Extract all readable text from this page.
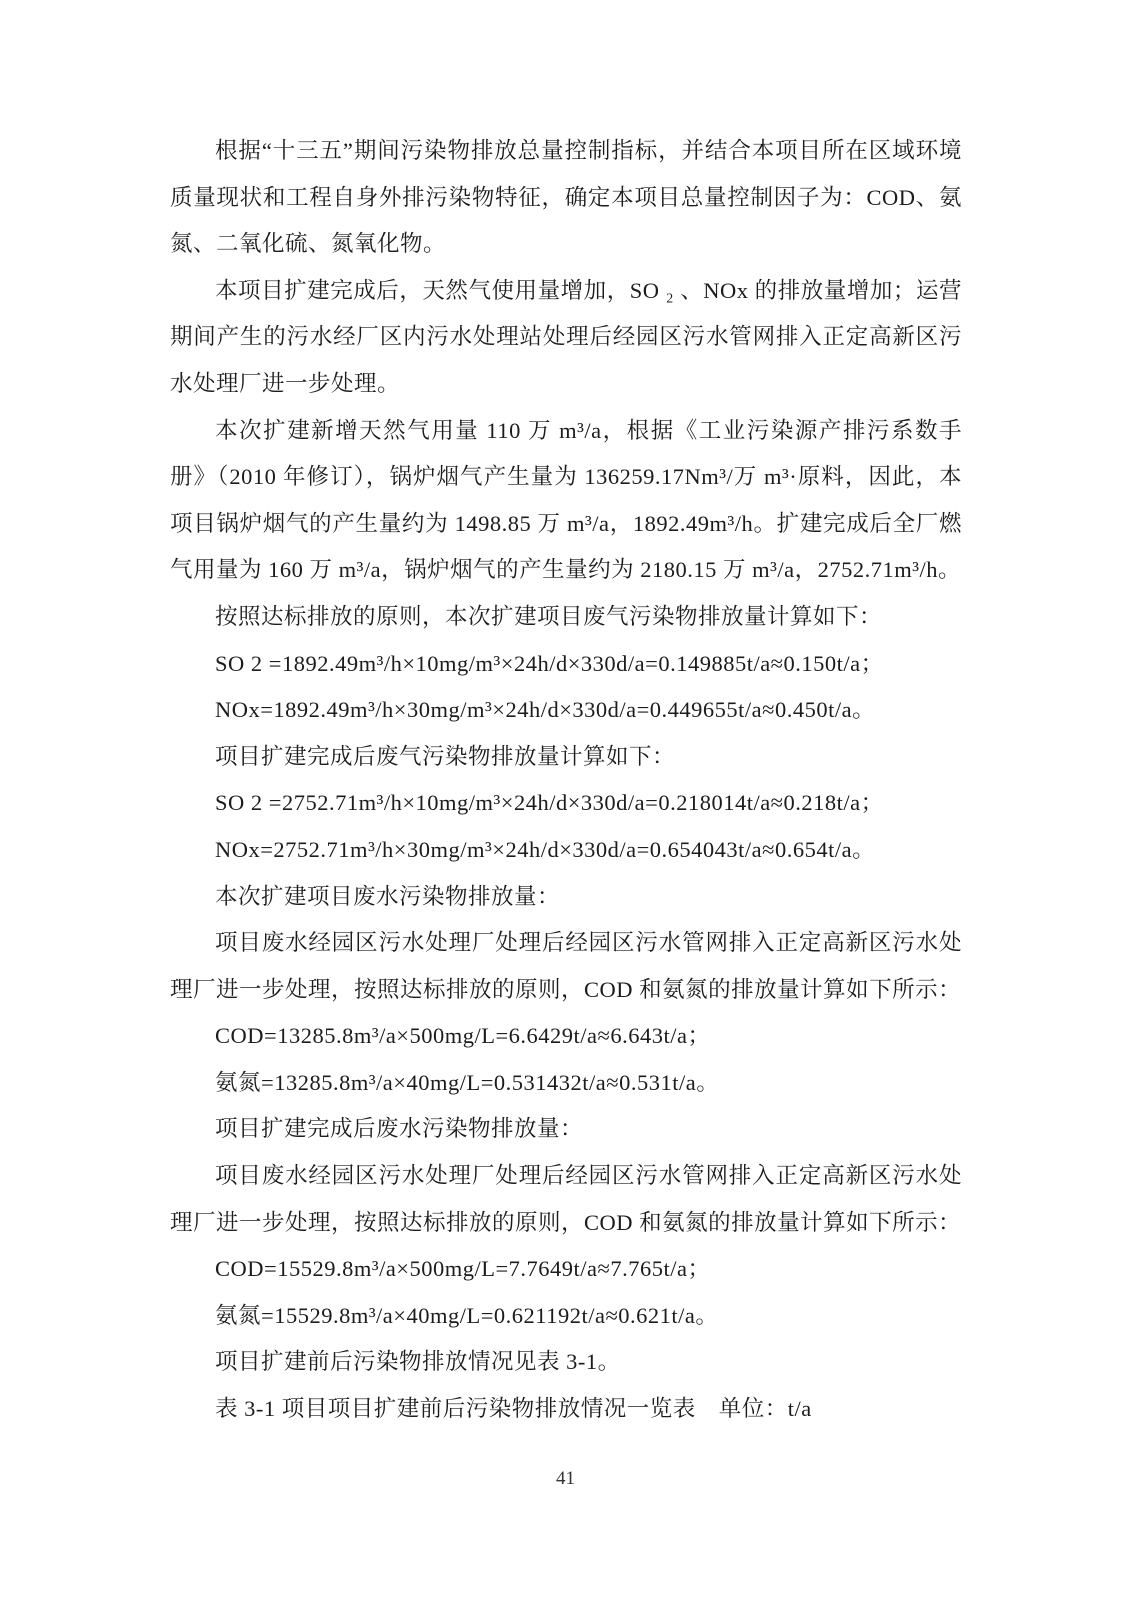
根据“十三五”期间污染物排放总量控制指标，并结合本项目所在区域环境质量现状和工程自身外排污染物特征，确定本项目总量控制因子为：COD、氨氮、二氧化硫、氮氧化物。

本项目扩建完成后，天然气使用量增加，SO ₂ 、NOx 的排放量增加；运营期间产生的污水经厂区内污水处理站处理后经园区污水管网排入正定高新区污水处理厂进一步处理。

本次扩建新增天然气用量 110 万 m³/a，根据《工业污染源产排污系数手册》（2010 年修订），锅炉烟气产生量为 136259.17Nm³/万 m³·原料，因此，本项目锅炉烟气的产生量约为 1498.85 万 m³/a，1892.49m³/h。扩建完成后全厂燃气用量为 160 万 m³/a，锅炉烟气的产生量约为 2180.15 万 m³/a，2752.71m³/h。

按照达标排放的原则，本次扩建项目废气污染物排放量计算如下：

SO 2 =1892.49m³/h×10mg/m³×24h/d×330d/a=0.149885t/a≈0.150t/a；

NOx=1892.49m³/h×30mg/m³×24h/d×330d/a=0.449655t/a≈0.450t/a。

项目扩建完成后废气污染物排放量计算如下：

SO 2 =2752.71m³/h×10mg/m³×24h/d×330d/a=0.218014t/a≈0.218t/a；

NOx=2752.71m³/h×30mg/m³×24h/d×330d/a=0.654043t/a≈0.654t/a。

本次扩建项目废水污染物排放量：

项目废水经园区污水处理厂处理后经园区污水管网排入正定高新区污水处理厂进一步处理，按照达标排放的原则，COD 和氨氮的排放量计算如下所示：

COD=13285.8m³/a×500mg/L=6.6429t/a≈6.643t/a；

氨氮=13285.8m³/a×40mg/L=0.531432t/a≈0.531t/a。

项目扩建完成后废水污染物排放量：

项目废水经园区污水处理厂处理后经园区污水管网排入正定高新区污水处理厂进一步处理，按照达标排放的原则，COD 和氨氮的排放量计算如下所示：

COD=15529.8m³/a×500mg/L=7.7649t/a≈7.765t/a；

氨氮=15529.8m³/a×40mg/L=0.621192t/a≈0.621t/a。

项目扩建前后污染物排放情况见表 3-1。

表 3-1 项目项目扩建前后污染物排放情况一览表　单位：t/a

41
